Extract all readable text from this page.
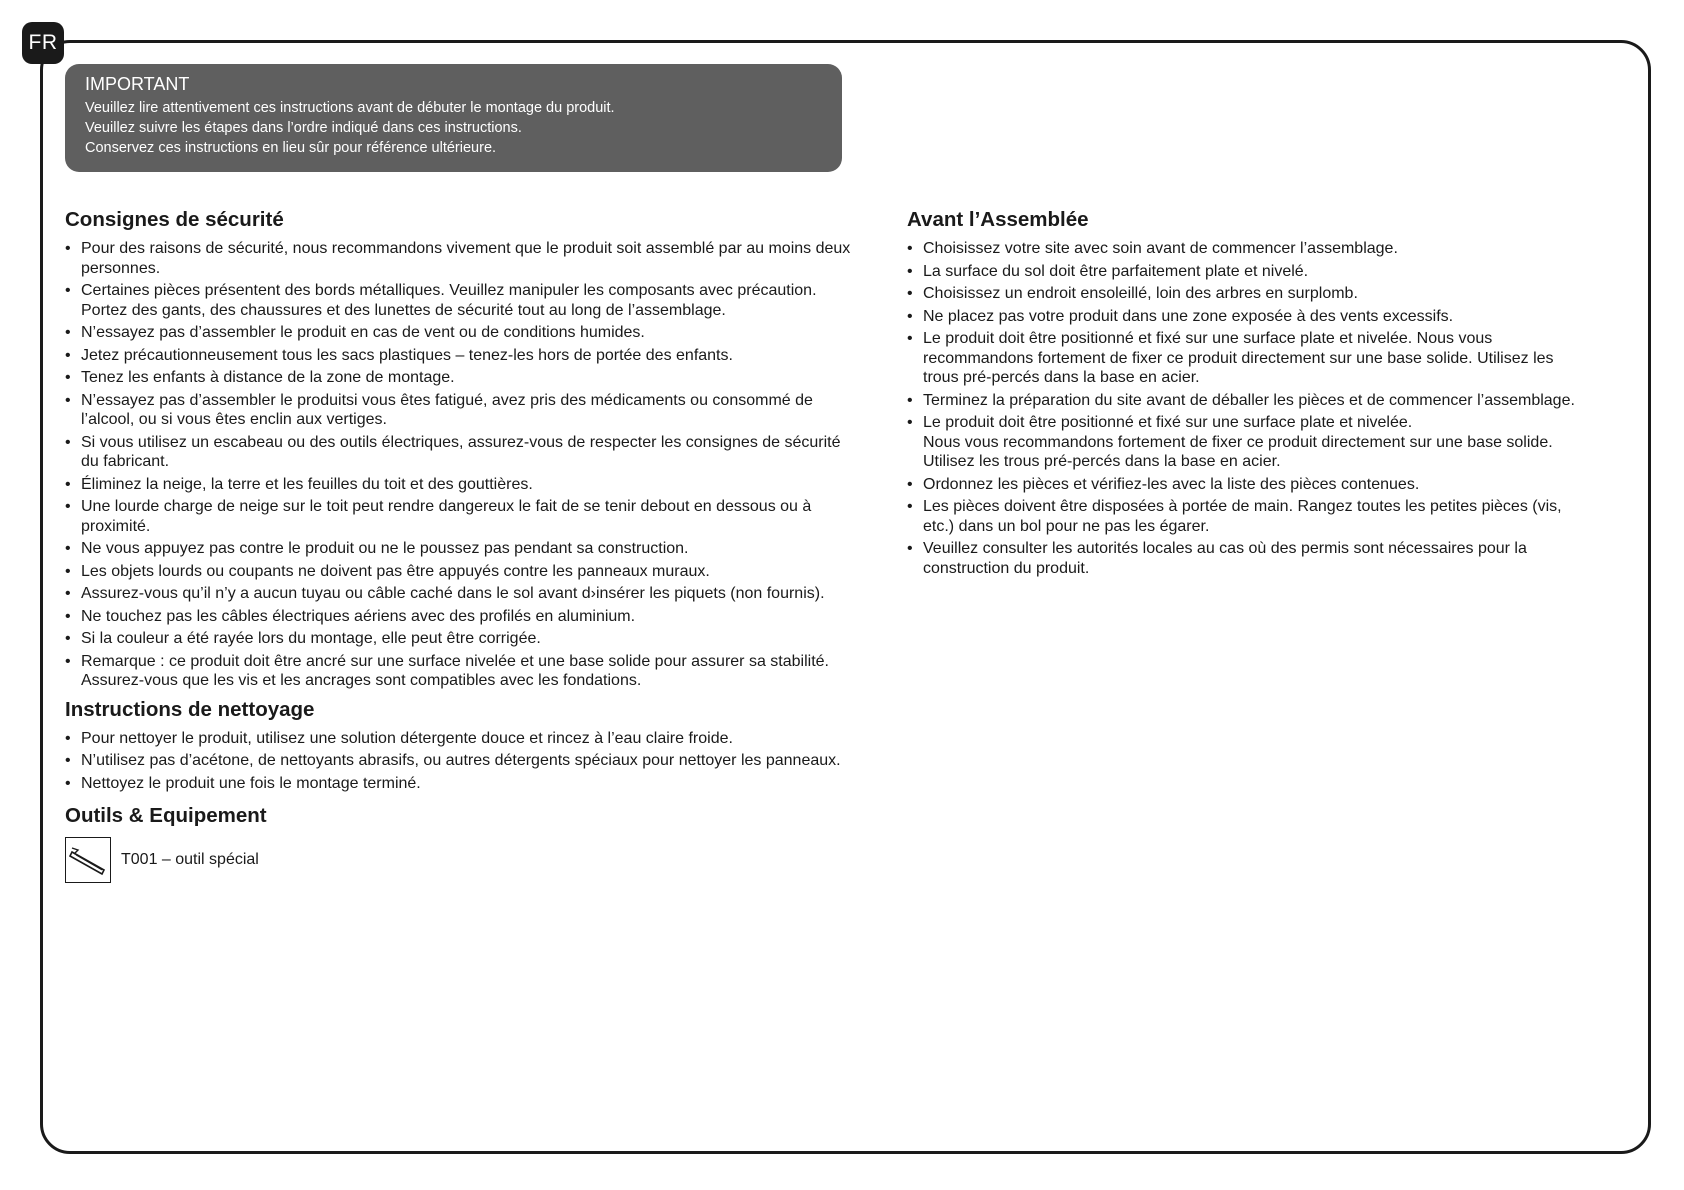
FR
IMPORTANT
Veuillez lire attentivement ces instructions avant de débuter le montage du produit.
Veuillez suivre les étapes dans l’ordre indiqué dans ces instructions.
Conservez ces instructions en lieu sûr pour référence ultérieure.
Consignes de sécurité
• Pour des raisons de sécurité, nous recommandons vivement que le produit soit assemblé par au moins deux personnes.
• Certaines pièces présentent des bords métalliques. Veuillez manipuler les composants avec précaution. Portez des gants, des chaussures et des lunettes de sécurité tout au long de l’assemblage.
• N’essayez pas d’assembler le produit en cas de vent ou de conditions humides.
• Jetez précautionneusement tous les sacs plastiques – tenez-les hors de portée des enfants.
• Tenez les enfants à distance de la zone de montage.
• N’essayez pas d’assembler le produitsi vous êtes fatigué, avez pris des médicaments ou consommé de l’alcool, ou si vous êtes enclin aux vertiges.
• Si vous utilisez un escabeau ou des outils électriques, assurez-vous de respecter les consignes de sécurité du fabricant.
• Éliminez la neige, la terre et les feuilles du toit et des gouttières.
• Une lourde charge de neige sur le toit peut rendre dangereux le fait de se tenir debout en dessous ou à proximité.
• Ne vous appuyez pas contre le produit ou ne le poussez pas pendant sa construction.
• Les objets lourds ou coupants ne doivent pas être appuyés contre les panneaux muraux.
• Assurez-vous qu’il n’y a aucun tuyau ou câble caché dans le sol avant d›insérer les piquets (non fournis).
• Ne touchez pas les câbles électriques aériens avec des profilés en aluminium.
• Si la couleur a été rayée lors du montage, elle peut être corrigée.
• Remarque : ce produit doit être ancré sur une surface nivelée et une base solide pour assurer sa stabilité.
Assurez-vous que les vis et les ancrages sont compatibles avec les fondations.
Instructions de nettoyage
• Pour nettoyer le produit, utilisez une solution détergente douce et rincez à l’eau claire froide.
• N’utilisez pas d’acétone, de nettoyants abrasifs, ou autres détergents spéciaux pour nettoyer les panneaux.
• Nettoyez le produit une fois le montage terminé.
Outils & Equipement
T001 – outil spécial
Avant l’Assemblée
• Choisissez votre site avec soin avant de commencer l’assemblage.
• La surface du sol doit être parfaitement plate et nivelé.
• Choisissez un endroit ensoleillé, loin des arbres en surplomb.
• Ne placez pas votre produit dans une zone exposée à des vents excessifs.
• Le produit doit être positionné et fixé sur une surface plate et nivelée. Nous vous recommandons fortement de fixer ce produit directement sur une base solide. Utilisez les trous pré-percés dans la base en acier.
• Terminez la préparation du site avant de déballer les pièces et de commencer l’assemblage.
• Le produit doit être positionné et fixé sur une surface plate et nivelée.
Nous vous recommandons fortement de fixer ce produit directement sur une base solide. Utilisez les trous pré-percés dans la base en acier.
• Ordonnez les pièces et vérifiez-les avec la liste des pièces contenues.
• Les pièces doivent être disposées à portée de main. Rangez toutes les petites pièces (vis, etc.) dans un bol pour ne pas les égarer.
• Veuillez consulter les autorités locales au cas où des permis sont nécessaires pour la construction du produit.
